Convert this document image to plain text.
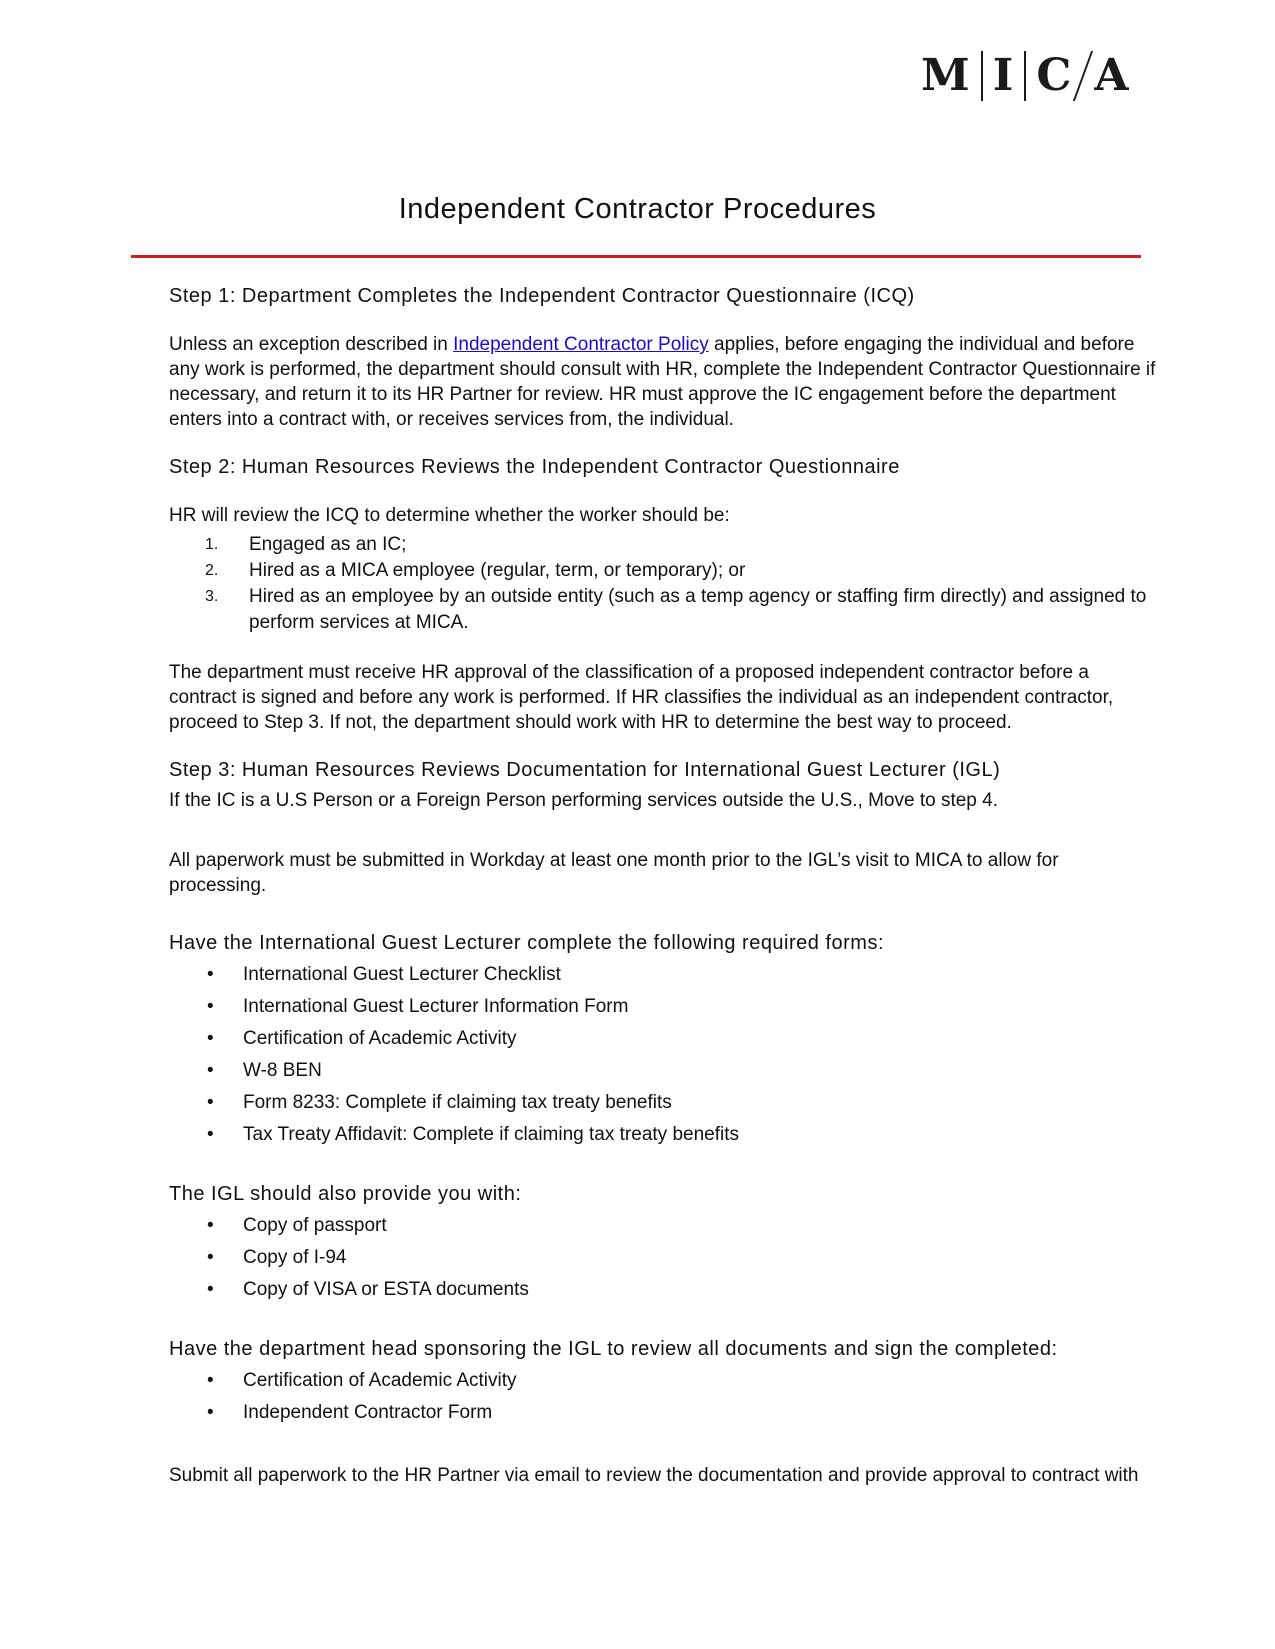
M I C A
Independent Contractor Procedures
Step 1: Department Completes the Independent Contractor Questionnaire (ICQ)

Unless an exception described in Independent Contractor Policy applies, before engaging the individual and before any work is performed, the department should consult with HR, complete the Independent Contractor Questionnaire if necessary, and return it to its HR Partner for review. HR must approve the IC engagement before the department enters into a contract with, or receives services from, the individual.

Step 2: Human Resources Reviews the Independent Contractor Questionnaire

HR will review the ICQ to determine whether the worker should be:

1. Engaged as an IC;
2. Hired as a MICA employee (regular, term, or temporary); or
3. Hired as an employee by an outside entity (such as a temp agency or staffing firm directly) and assigned to perform services at MICA.

The department must receive HR approval of the classification of a proposed independent contractor before a contract is signed and before any work is performed. If HR classifies the individual as an independent contractor, proceed to Step 3. If not, the department should work with HR to determine the best way to proceed.

Step 3: Human Resources Reviews Documentation for International Guest Lecturer (IGL)

If the IC is a U.S Person or a Foreign Person performing services outside the U.S., Move to step 4.

All paperwork must be submitted in Workday at least one month prior to the IGL’s visit to MICA to allow for processing.

Have the International Guest Lecturer complete the following required forms:
• International Guest Lecturer Checklist
• International Guest Lecturer Information Form
• Certification of Academic Activity
• W-8 BEN
• Form 8233: Complete if claiming tax treaty benefits
• Tax Treaty Affidavit: Complete if claiming tax treaty benefits
The IGL should also provide you with:
• Copy of passport
• Copy of I-94
• Copy of VISA or ESTA documents
Have the department head sponsoring the IGL to review all documents and sign the completed:
• Certification of Academic Activity
• Independent Contractor Form

Submit all paperwork to the HR Partner via email to review the documentation and provide approval to contract with
